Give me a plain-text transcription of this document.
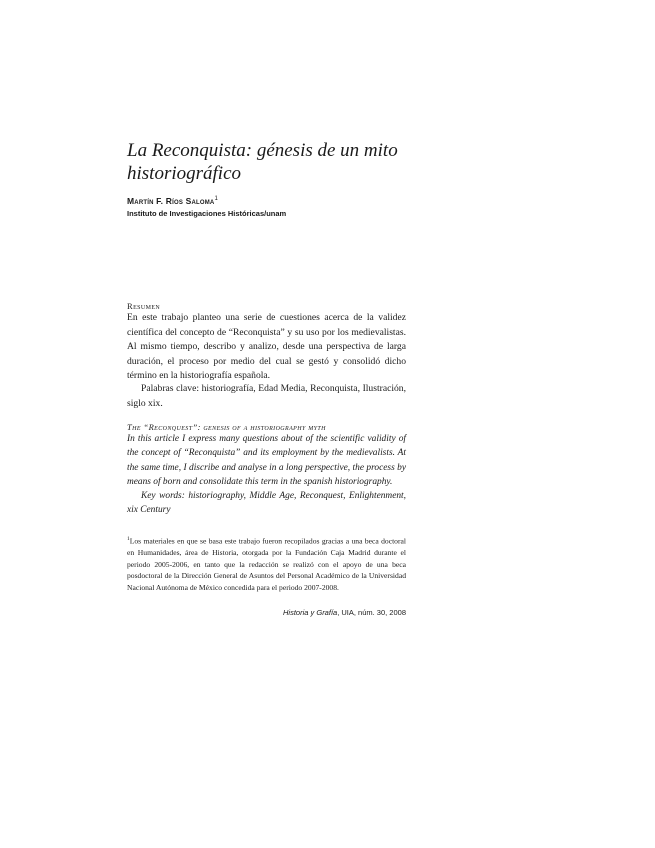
La Reconquista: génesis de un mito historiográfico
Martín F. Ríos Saloma$^1$
Instituto de Investigaciones Históricas/unam
Resumen

En este trabajo planteo una serie de cuestiones acerca de la validez científica del concepto de “Reconquista” y su uso por los medievalistas. Al mismo tiempo, describo y analizo, desde una perspectiva de larga duración, el proceso por medio del cual se gestó y consolidó dicho término en la historiografía española.

Palabras clave: historiografía, Edad Media, Reconquista, Ilustración, siglo xix.

The “Reconquest”: genesis of a historiography myth

In this article I express many questions about of the scientific validity of the concept of “Reconquista” and its employment by the medievalists. At the same time, I discribe and analyse in a long perspective, the process by means of born and consolidate this term in the spanish historiography.

Key words: historiography, Middle Age, Reconquest, Enlightenment, xix Century

$^1$Los materiales en que se basa este trabajo fueron recopilados gracias a una beca doctoral en Humanidades, área de Historia, otorgada por la Fundación Caja Madrid durante el periodo 2005-2006, en tanto que la redacción se realizó con el apoyo de una beca posdoctoral de la Dirección General de Asuntos del Personal Académico de la Universidad Nacional Autónoma de México concedida para el periodo 2007-2008.

Historia y Grafía, UIA, núm. 30, 2008
